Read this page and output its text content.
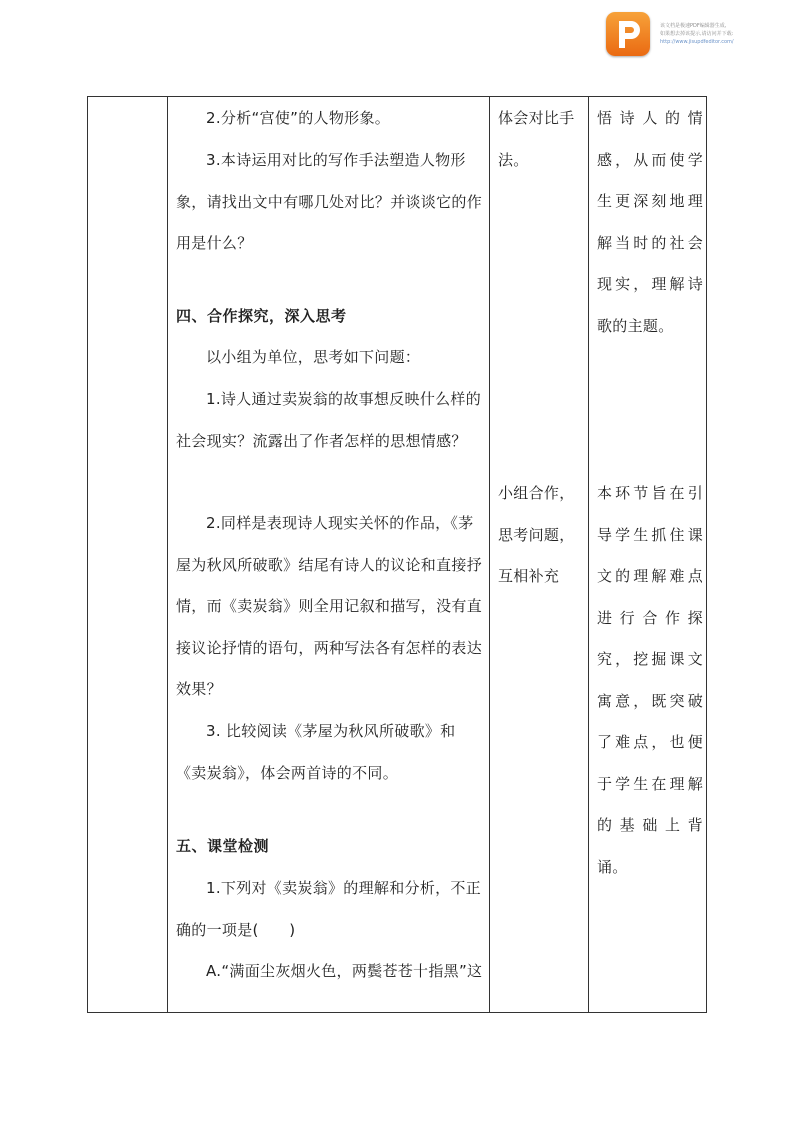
该文档是极速PDF编辑器生成,
如果想去掉该提示,请访问并下载:
http://www.jisupdfeditor.com/

2.分析“宫使”的人物形象。

3.本诗运用对比的写作手法塑造人物形象，请找出文中有哪几处对比？并谈谈它的作用是什么？

四、合作探究，深入思考

以小组为单位，思考如下问题：

1.诗人通过卖炭翁的故事想反映什么样的社会现实？流露出了作者怎样的思想情感？

2.同样是表现诗人现实关怀的作品，《茅屋为秋风所破歌》结尾有诗人的议论和直接抒情，而《卖炭翁》则全用记叙和描写，没有直接议论抒情的语句，两种写法各有怎样的表达效果？

3. 比较阅读《茅屋为秋风所破歌》和《卖炭翁》，体会两首诗的不同。

五、课堂检测

1.下列对《卖炭翁》的理解和分析，不正确的一项是(　　)

A.“满面尘灰烟火色，两鬓苍苍十指黑”这

体会对比手法。

小组合作，思考问题，互相补充

悟诗人的情感，从而使学生更深刻地理解当时的社会现实，理解诗歌的主题。

本环节旨在引导学生抓住课文的理解难点进行合作探究，挖掘课文寓意，既突破了难点，也便于学生在理解的基础上背诵。
